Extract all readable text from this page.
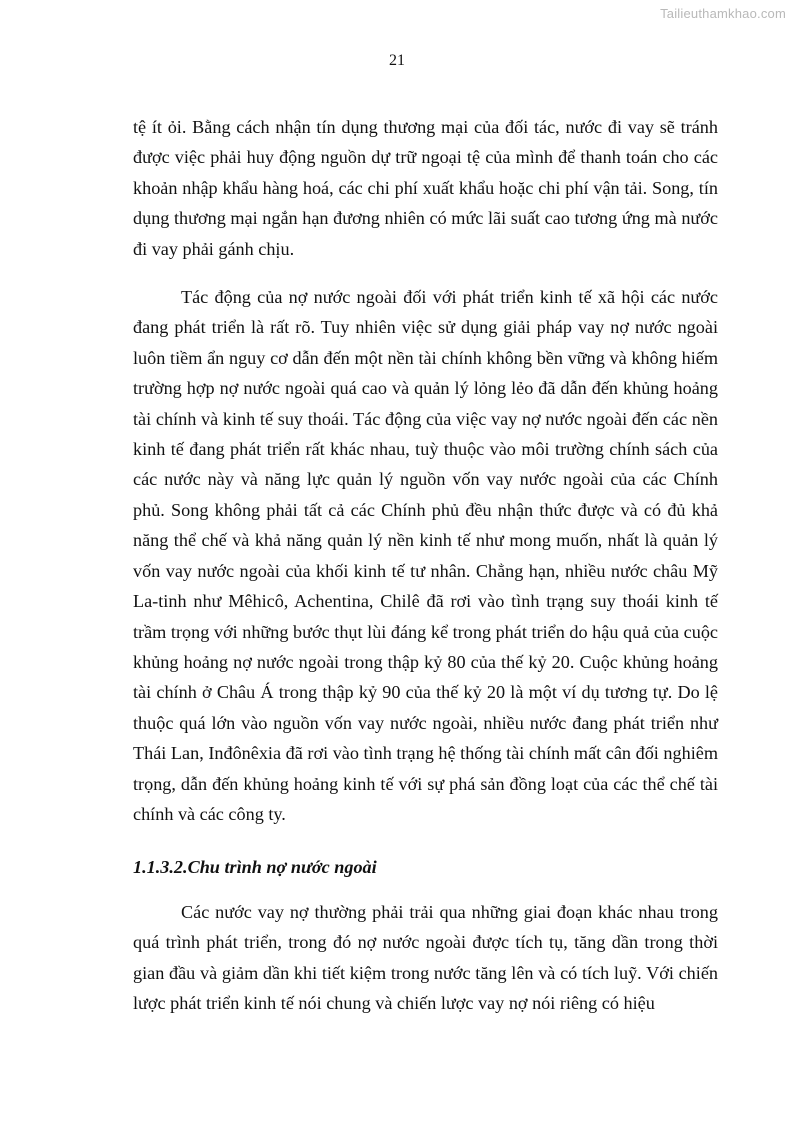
Tailieuthamkhao.com
21

tệ ít ỏi. Bằng cách nhận tín dụng thương mại của đối tác, nước đi vay sẽ tránh được việc phải huy động nguồn dự trữ ngoại tệ của mình để thanh toán cho các khoản nhập khẩu hàng hoá, các chi phí xuất khẩu hoặc chi phí vận tải. Song, tín dụng thương mại ngắn hạn đương nhiên có mức lãi suất cao tương ứng mà nước đi vay phải gánh chịu.

Tác động của nợ nước ngoài đối với phát triển kinh tế xã hội các nước đang phát triển là rất rõ. Tuy nhiên việc sử dụng giải pháp vay nợ nước ngoài luôn tiềm ẩn nguy cơ dẫn đến một nền tài chính không bền vững và không hiếm trường hợp nợ nước ngoài quá cao và quản lý lỏng lẻo đã dẫn đến khủng hoảng tài chính và kinh tế suy thoái. Tác động của việc vay nợ nước ngoài đến các nền kinh tế đang phát triển rất khác nhau, tuỳ thuộc vào môi trường chính sách của các nước này và năng lực quản lý nguồn vốn vay nước ngoài của các Chính phủ. Song không phải tất cả các Chính phủ đều nhận thức được và có đủ khả năng thể chế và khả năng quản lý nền kinh tế như mong muốn, nhất là quản lý vốn vay nước ngoài của khối kinh tế tư nhân. Chẳng hạn, nhiều nước châu Mỹ La-tinh như Mêhicô, Achentina, Chilê đã rơi vào tình trạng suy thoái kinh tế trầm trọng với những bước thụt lùi đáng kể trong phát triển do hậu quả của cuộc khủng hoảng nợ nước ngoài trong thập kỷ 80 của thế kỷ 20. Cuộc khủng hoảng tài chính ở Châu Á trong thập kỷ 90 của thế kỷ 20 là một ví dụ tương tự. Do lệ thuộc quá lớn vào nguồn vốn vay nước ngoài, nhiều nước đang phát triển như Thái Lan, Inđônêxia đã rơi vào tình trạng hệ thống tài chính mất cân đối nghiêm trọng, dẫn đến khủng hoảng kinh tế với sự phá sản đồng loạt của các thể chế tài chính và các công ty.

1.1.3.2.Chu trình nợ nước ngoài

Các nước vay nợ thường phải trải qua những giai đoạn khác nhau trong quá trình phát triển, trong đó nợ nước ngoài được tích tụ, tăng dần trong thời gian đầu và giảm dần khi tiết kiệm trong nước tăng lên và có tích luỹ. Với chiến lược phát triển kinh tế nói chung và chiến lược vay nợ nói riêng có hiệu
